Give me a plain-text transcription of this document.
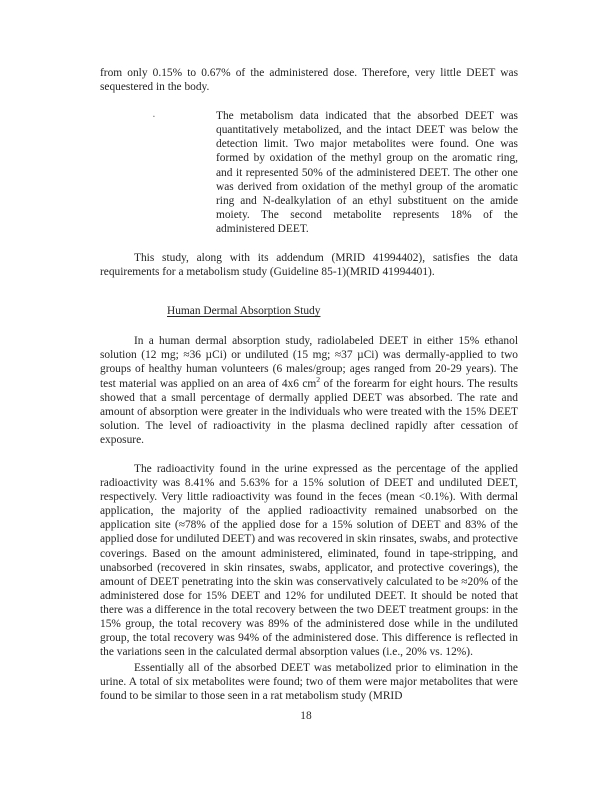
from only 0.15% to 0.67% of the administered dose. Therefore, very little DEET was sequestered in the body.

·	The metabolism data indicated that the absorbed DEET was quantitatively metabolized, and the intact DEET was below the detection limit. Two major metabolites were found. One was formed by oxidation of the methyl group on the aromatic ring, and it represented 50% of the administered DEET. The other one was derived from oxidation of the methyl group of the aromatic ring and N-dealkylation of an ethyl substituent on the amide moiety. The second metabolite represents 18% of the administered DEET.

This study, along with its addendum (MRID 41994402), satisfies the data requirements for a metabolism study (Guideline 85-1)(MRID 41994401).

Human Dermal Absorption Study

In a human dermal absorption study, radiolabeled DEET in either 15% ethanol solution (12 mg; ≈36 µCi) or undiluted (15 mg; ≈37 µCi) was dermally-applied to two groups of healthy human volunteers (6 males/group; ages ranged from 20-29 years). The test material was applied on an area of 4x6 $cm^2$ of the forearm for eight hours. The results showed that a small percentage of dermally applied DEET was absorbed. The rate and amount of absorption were greater in the individuals who were treated with the 15% DEET solution. The level of radioactivity in the plasma declined rapidly after cessation of exposure.

The radioactivity found in the urine expressed as the percentage of the applied radioactivity was 8.41% and 5.63% for a 15% solution of DEET and undiluted DEET, respectively. Very little radioactivity was found in the feces (mean <0.1%). With dermal application, the majority of the applied radioactivity remained unabsorbed on the application site (≈78% of the applied dose for a 15% solution of DEET and 83% of the applied dose for undiluted DEET) and was recovered in skin rinsates, swabs, and protective coverings. Based on the amount administered, eliminated, found in tape-stripping, and unabsorbed (recovered in skin rinsates, swabs, applicator, and protective coverings), the amount of DEET penetrating into the skin was conservatively calculated to be ≈20% of the administered dose for 15% DEET and 12% for undiluted DEET. It should be noted that there was a difference in the total recovery between the two DEET treatment groups: in the 15% group, the total recovery was 89% of the administered dose while in the undiluted group, the total recovery was 94% of the administered dose. This difference is reflected in the variations seen in the calculated dermal absorption values (i.e., 20% vs. 12%).

Essentially all of the absorbed DEET was metabolized prior to elimination in the urine. A total of six metabolites were found; two of them were major metabolites that were found to be similar to those seen in a rat metabolism study (MRID

18
